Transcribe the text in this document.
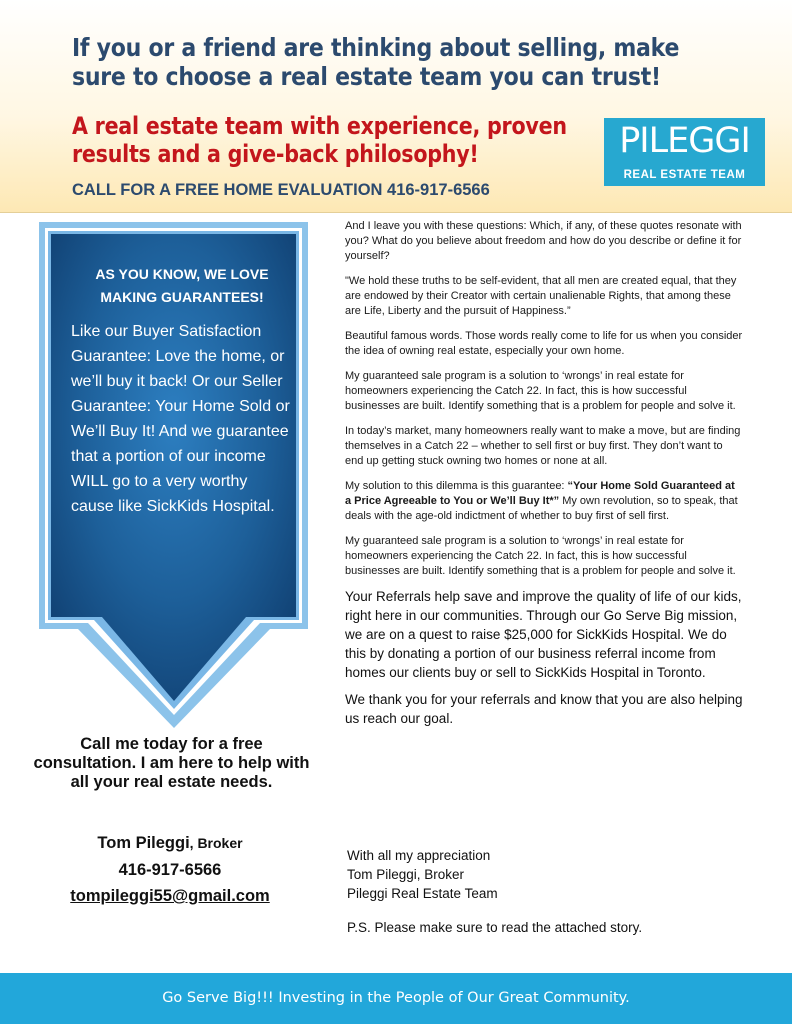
If you or a friend are thinking about selling, make sure to choose a real estate team you can trust!
A real estate team with experience, proven results and a give-back philosophy!
CALL FOR A FREE HOME EVALUATION 416-917-6566
PILEGGI
REAL ESTATE TEAM
AS YOU KNOW, WE LOVE MAKING GUARANTEES!
Like our Buyer Satisfaction Guarantee: Love the home, or we’ll buy it back! Or our Seller Guarantee: Your Home Sold or We’ll Buy It! And we guarantee that a portion of our income WILL go to a very worthy cause like SickKids Hospital.
Call me today for a free consultation. I am here to help with all your real estate needs.
Tom Pileggi, Broker
416-917-6566
tompileggi55@gmail.com

And I leave you with these questions: Which, if any, of these quotes resonate with you? What do you believe about freedom and how do you describe or define it for yourself?

"We hold these truths to be self-evident, that all men are created equal, that they are endowed by their Creator with certain unalienable Rights, that among these are Life, Liberty and the pursuit of Happiness.”

Beautiful famous words. Those words really come to life for us when you consider the idea of owning real estate, especially your own home.

My guaranteed sale program is a solution to ‘wrongs’ in real estate for homeowners experiencing the Catch 22. In fact, this is how successful businesses are built. Identify something that is a problem for people and solve it.

In today’s market, many homeowners really want to make a move, but are finding themselves in a Catch 22 – whether to sell first or buy first. They don’t want to end up getting stuck owning two homes or none at all.

My solution to this dilemma is this guarantee: “Your Home Sold Guaranteed at a Price Agreeable to You or We’ll Buy It*” My own revolution, so to speak, that deals with the age-old indictment of whether to buy first of sell first.

My guaranteed sale program is a solution to ‘wrongs’ in real estate for homeowners experiencing the Catch 22. In fact, this is how successful businesses are built. Identify something that is a problem for people and solve it.

Your Referrals help save and improve the quality of life of our kids, right here in our communities. Through our Go Serve Big mission, we are on a quest to raise $25,000 for SickKids Hospital. We do this by donating a portion of our business referral income from homes our clients buy or sell to SickKids Hospital in Toronto.

We thank you for your referrals and know that you are also helping us reach our goal.

With all my appreciation
Tom Pileggi, Broker
Pileggi Real Estate Team
P.S. Please make sure to read the attached story.
Go Serve Big!!! Investing in the People of Our Great Community.
